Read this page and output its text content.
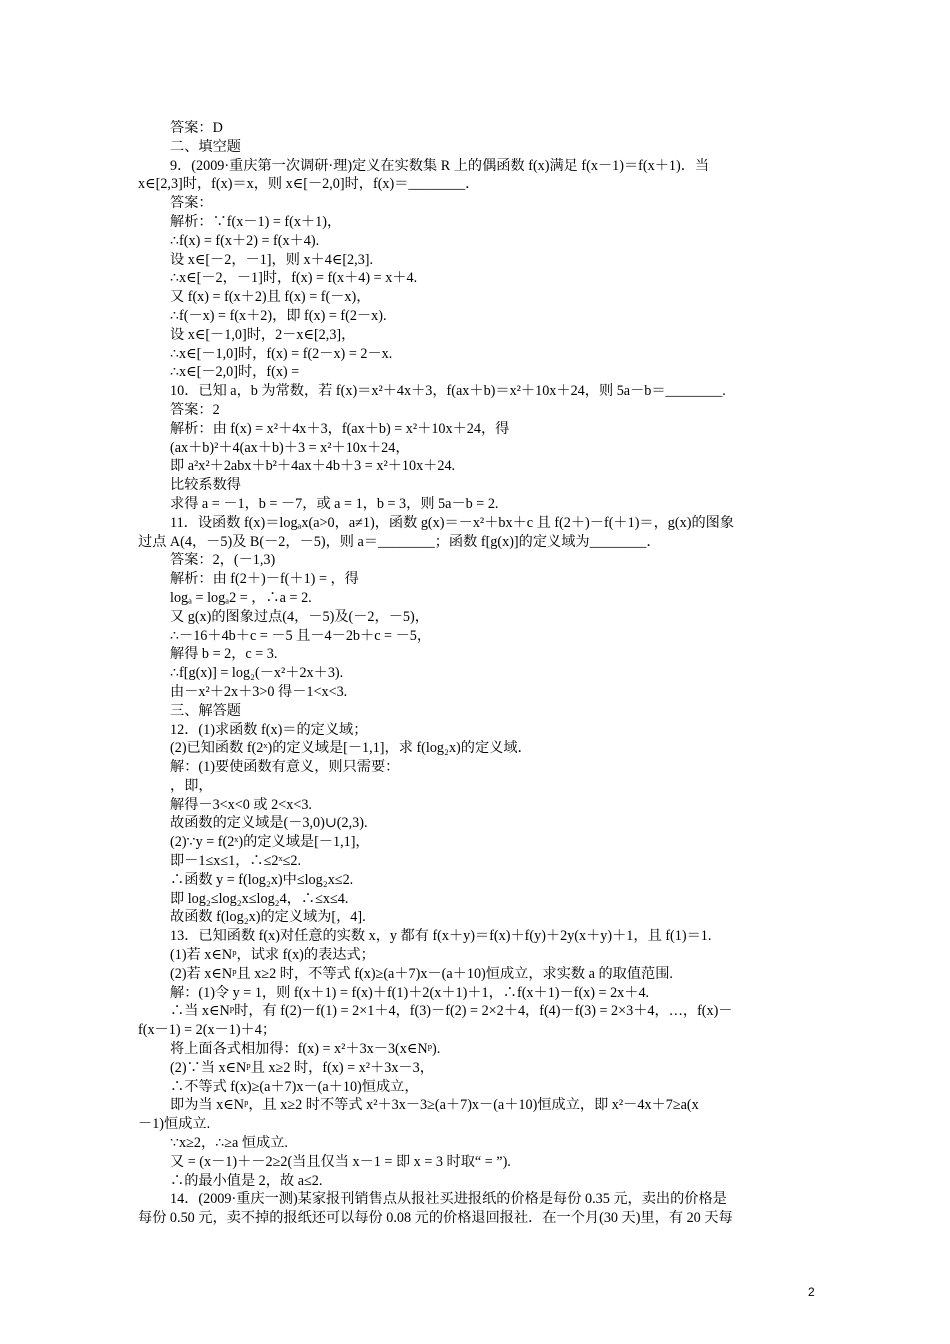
答案：D
二、填空题
9．(2009·重庆第一次调研·理)定义在实数集 R 上的偶函数 f(x)满足 f(x－1)＝f(x＋1)．当
x∈[2,3]时，f(x)＝x，则 x∈[－2,0]时，f(x)＝________．
答案：
解析：∵f(x－1) = f(x＋1)，
∴f(x) = f(x＋2) = f(x＋4).
设 x∈[－2，－1]，则 x＋4∈[2,3].
∴x∈[－2，－1]时，f(x) = f(x＋4) = x＋4.
又 f(x) = f(x＋2)且 f(x) = f(－x)，
∴f(－x) = f(x＋2)，即 f(x) = f(2－x).
设 x∈[－1,0]时，2－x∈[2,3]，
∴x∈[－1,0]时，f(x) = f(2－x) = 2－x.
∴x∈[－2,0]时，f(x) =
10．已知 a，b 为常数，若 f(x)＝x²＋4x＋3，f(ax＋b)＝x²＋10x＋24，则 5a－b＝________.
答案：2
解析：由 f(x) = x²＋4x＋3，f(ax＋b) = x²＋10x＋24，得
(ax＋b)²＋4(ax＋b)＋3 = x²＋10x＋24，
即 a²x²＋2abx＋b²＋4ax＋4b＋3 = x²＋10x＋24.
比较系数得
求得 a = －1，b = －7，或 a = 1，b = 3，则 5a－b = 2.
11．设函数 f(x)＝logₐx(a>0，a≠1)，函数 g(x)＝－x²＋bx＋c 且 f(2＋)－f(＋1)＝，g(x)的图象
过点 A(4，－5)及 B(－2，－5)，则 a＝________；函数 f[g(x)]的定义域为________．
答案：2，(－1,3)
解析：由 f(2＋)－f(＋1) = ，得
logₐ = logₐ2 = ，∴a = 2.
又 g(x)的图象过点(4，－5)及(－2，－5)，
∴－16＋4b＋c = －5 且－4－2b＋c = －5，
解得 b = 2，c = 3.
∴f[g(x)] = log₂(－x²＋2x＋3).
由－x²＋2x＋3>0 得－1<x<3.
三、解答题
12．(1)求函数 f(x)＝的定义域；
(2)已知函数 f(2ˣ)的定义域是[－1,1]，求 f(log₂x)的定义域．
解：(1)要使函数有意义，则只需要：
，即，
解得－3<x<0 或 2<x<3.
故函数的定义域是(－3,0)∪(2,3).
(2)∵y = f(2ˣ)的定义域是[－1,1]，
即－1≤x≤1，∴≤2ˣ≤2.
∴函数 y = f(log₂x)中≤log₂x≤2.
即 log₂≤log₂x≤log₂4，∴≤x≤4.
故函数 f(log₂x)的定义域为[，4].
13．已知函数 f(x)对任意的实数 x，y 都有 f(x＋y)＝f(x)＋f(y)＋2y(x＋y)＋1，且 f(1)＝1.
(1)若 x∈Nᵖ，试求 f(x)的表达式；
(2)若 x∈Nᵖ且 x≥2 时，不等式 f(x)≥(a＋7)x－(a＋10)恒成立，求实数 a 的取值范围.
解：(1)令 y = 1，则 f(x＋1) = f(x)＋f(1)＋2(x＋1)＋1，∴f(x＋1)－f(x) = 2x＋4.
∴当 x∈Nᵖ时，有 f(2)－f(1) = 2×1＋4，f(3)－f(2) = 2×2＋4，f(4)－f(3) = 2×3＋4，…，f(x)－
f(x－1) = 2(x－1)＋4；
将上面各式相加得：f(x) = x²＋3x－3(x∈Nᵖ).
(2)∵当 x∈Nᵖ且 x≥2 时，f(x) = x²＋3x－3，
∴不等式 f(x)≥(a＋7)x－(a＋10)恒成立，
即为当 x∈Nᵖ，且 x≥2 时不等式 x²＋3x－3≥(a＋7)x－(a＋10)恒成立，即 x²－4x＋7≥a(x
－1)恒成立.
∵x≥2，∴≥a 恒成立.
又 = (x－1)＋－2≥2(当且仅当 x－1 = 即 x = 3 时取“ = ”).
∴的最小值是 2，故 a≤2.
14．(2009·重庆一测)某家报刊销售点从报社买进报纸的价格是每份 0.35 元，卖出的价格是
每份 0.50 元，卖不掉的报纸还可以每份 0.08 元的价格退回报社．在一个月(30 天)里，有 20 天每
2
